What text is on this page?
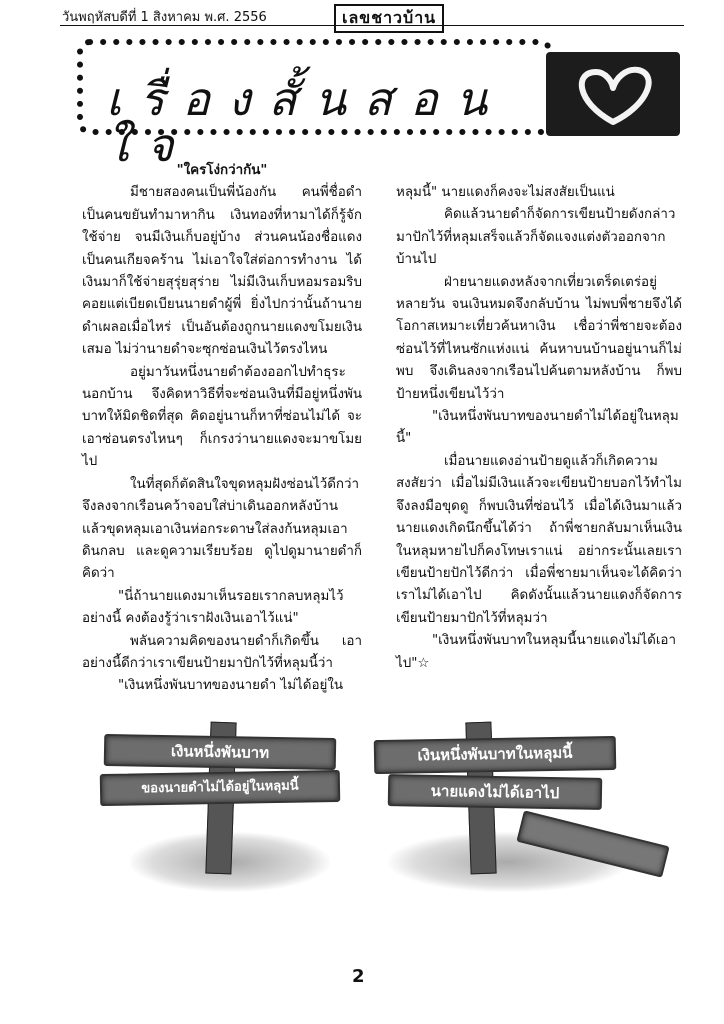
วันพฤหัสบดีที่ 1 สิงหาคม พ.ศ. 2556	เลขชาวบ้าน
เรื่องสั้นสอนใจ

"ใครโง่กว่ากัน"

มีชายสองคนเป็นพี่น้องกัน คนพี่ชื่อดำ เป็นคนขยันทำมาหากิน เงินทองที่หามาได้ก็รู้จักใช้จ่าย จนมีเงินเก็บอยู่บ้าง ส่วนคนน้องชื่อแดงเป็นคนเกียจคร้าน ไม่เอาใจใส่ต่อการทำงาน ได้เงินมาก็ใช้จ่ายสุรุ่ยสุร่าย ไม่มีเงินเก็บหอมรอมริบ คอยแต่เบียดเบียนนายดำผู้พี่ ยิ่งไปกว่านั้นถ้านายดำเผลอเมื่อไหร่ เป็นอันต้องถูกนายแดงขโมยเงินเสมอ ไม่ว่านายดำจะซุกซ่อนเงินไว้ตรงไหน

อยู่มาวันหนึ่งนายดำต้องออกไปทำธุระนอกบ้าน จึงคิดหาวิธีที่จะซ่อนเงินที่มีอยู่หนึ่งพันบาทให้มิดชิดที่สุด คิดอยู่นานก็หาที่ซ่อนไม่ได้ จะเอาซ่อนตรงไหนๆ ก็เกรงว่านายแดงจะมาขโมยไป

ในที่สุดก็ตัดสินใจขุดหลุมฝังซ่อนไว้ดีกว่า จึงลงจากเรือนคว้าจอบใส่บ่าเดินออกหลังบ้านแล้วขุดหลุมเอาเงินห่อกระดาษใส่ลงก้นหลุมเอาดินกลบ และดูความเรียบร้อย ดูไปดูมานายดำก็คิดว่า

"นี่ถ้านายแดงมาเห็นรอยเรากลบหลุมไว้อย่างนี้ คงต้องรู้ว่าเราฝังเงินเอาไว้แน่"

พลันความคิดของนายดำก็เกิดขึ้น เอาอย่างนี้ดีกว่าเราเขียนป้ายมาปักไว้ที่หลุมนี้ว่า

"เงินหนึ่งพันบาทของนายดำ ไม่ได้อยู่ใน

หลุมนี้" นายแดงก็คงจะไม่สงสัยเป็นแน่

คิดแล้วนายดำก็จัดการเขียนป้ายดังกล่าวมาปักไว้ที่หลุมเสร็จแล้วก็จัดแจงแต่งตัวออกจากบ้านไป

ฝ่ายนายแดงหลังจากเที่ยวเตร็ดเตร่อยู่หลายวัน จนเงินหมดจึงกลับบ้าน ไม่พบพี่ชายจึงได้โอกาสเหมาะเที่ยวค้นหาเงิน เชื่อว่าพี่ชายจะต้องซ่อนไว้ที่ไหนซักแห่งแน่ ค้นหาบนบ้านอยู่นานก็ไม่พบ จึงเดินลงจากเรือนไปค้นตามหลังบ้าน ก็พบป้ายหนึ่งเขียนไว้ว่า

"เงินหนึ่งพันบาทของนายดำไม่ได้อยู่ในหลุมนี้"

เมื่อนายแดงอ่านป้ายดูแล้วก็เกิดความสงสัยว่า เมื่อไม่มีเงินแล้วจะเขียนป้ายบอกไว้ทำไม จึงลงมือขุดดู ก็พบเงินที่ซ่อนไว้ เมื่อได้เงินมาแล้วนายแดงเกิดนึกขึ้นได้ว่า ถ้าพี่ชายกลับมาเห็นเงินในหลุมหายไปก็คงโทษเราแน่ อย่ากระนั้นเลยเราเขียนป้ายปักไว้ดีกว่า เมื่อพี่ชายมาเห็นจะได้คิดว่าเราไม่ได้เอาไป คิดดังนั้นแล้วนายแดงก็จัดการเขียนป้ายมาปักไว้ที่หลุมว่า

"เงินหนึ่งพันบาทในหลุมนี้นายแดงไม่ได้เอาไป"☆

เงินหนึ่งพันบาท
ของนายดำไม่ได้อยู่ในหลุมนี้
เงินหนึ่งพันบาทในหลุมนี้
นายแดงไม่ได้เอาไป
2
